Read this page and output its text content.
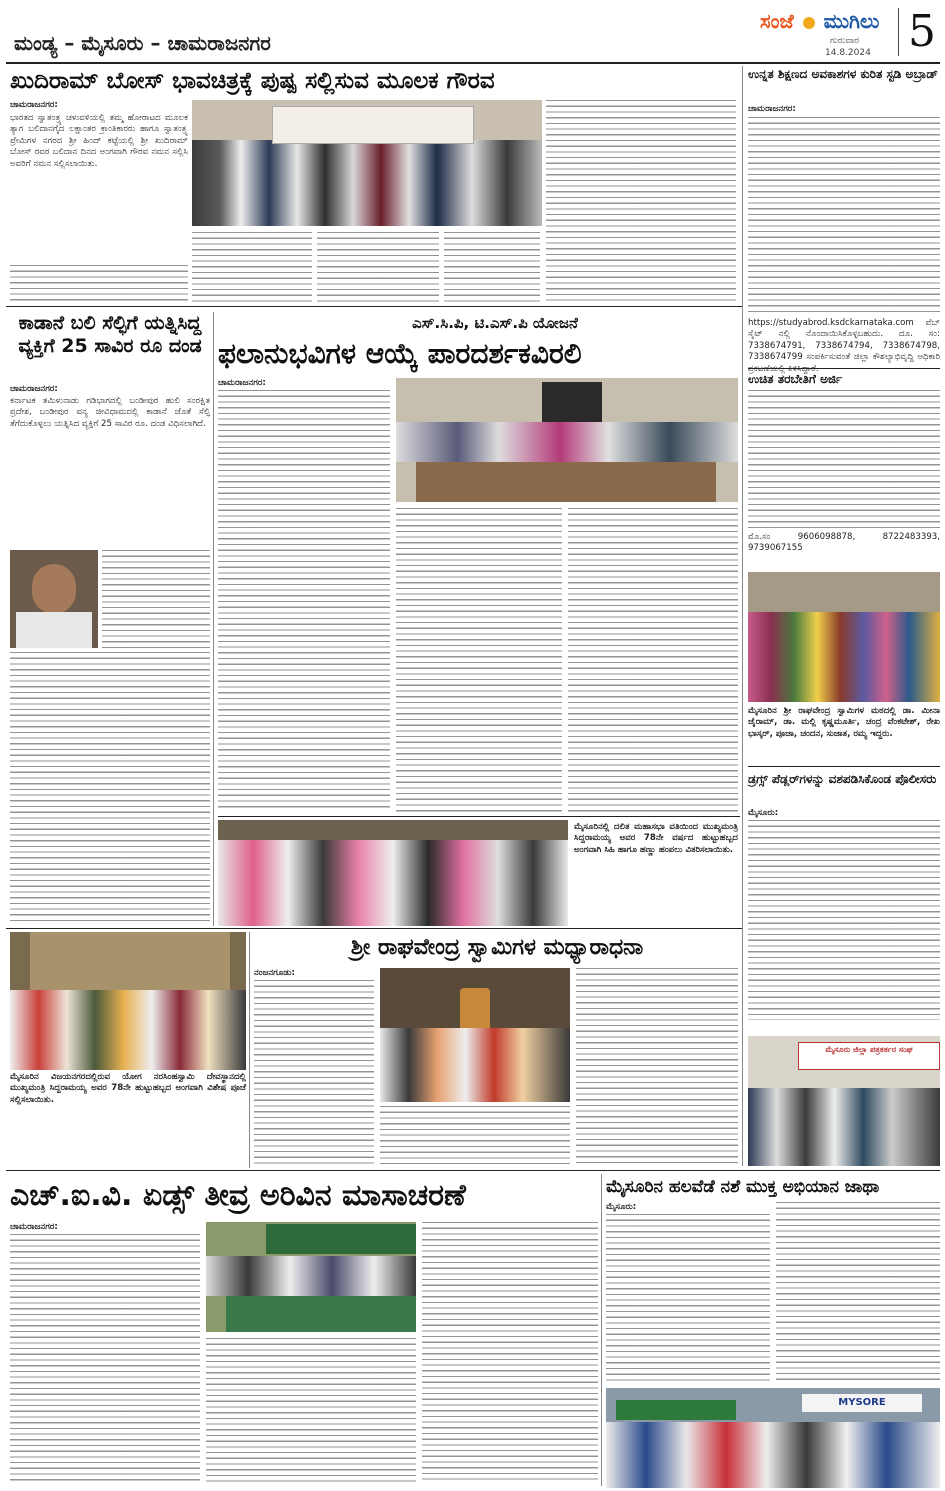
ಮಂಡ್ಯ – ಮೈಸೂರು – ಚಾಮರಾಜನಗರ
ಸಂಜೆ ಮುಗಿಲು
ಗುರುವಾರ
14.8.2024 5
ಖುದಿರಾಮ್ ಬೋಸ್ ಭಾವಚಿತ್ರಕ್ಕೆ ಪುಷ್ಪ ಸಲ್ಲಿಸುವ ಮೂಲಕ ಗೌರವ
ಚಾಮರಾಜನಗರ:
ಭಾರತದ ಸ್ವಾತಂತ್ರ್ಯ ಚಳುವಳಿಯಲ್ಲಿ ತಮ್ಮ ಹೋರಾಟದ ಮೂಲಕ ತ್ಯಾಗ ಬಲಿದಾನಗೈದ ಲಕ್ಷಾಂತರ ಕ್ರಾಂತಿಕಾರರು ಹಾಗೂ ಸ್ವಾತಂತ್ರ್ಯ ಪ್ರೇಮಿಗಳ ನಗರದ ಶ್ರೀ ಹಿಂದ್ ಕಟ್ಟೆಯಲ್ಲಿ ಶ್ರೀ ಖುದಿರಾಮ್ ಬೋಸ್ ರವರ ಬಲಿದಾನ ದಿನದ ಅಂಗವಾಗಿ ಗೌರವ ನಮನ ಸಲ್ಲಿಸಿ ಅವರಿಗೆ ನಮನ ಸಲ್ಲಿಸಲಾಯಿತು.
ಉನ್ನತ ಶಿಕ್ಷಣದ ಅವಕಾಶಗಳ ಕುರಿತ ಸ್ಟಡಿ ಅಬ್ರಾಡ್
ಚಾಮರಾಜನಗರ:
https://studyabrod.ksdckarnataka.com ವೆಬ್ ಸೈಟ್ ನಲ್ಲಿ ನೊಂದಾಯಿಸಿಕೊಳ್ಳಬಹುದು. ದೂ. ಸಂ: 7338674791, 7338674794, 7338674798, 7338674799 ಸಂಪರ್ಕಿಸುವಂತೆ ಜಿಲ್ಲಾ ಕೌಶಲ್ಯಾಭಿವೃದ್ದಿ ಅಧಿಕಾರಿ
ಉಚಿತ ತರಬೇತಿಗೆ ಅರ್ಜಿ
ಮೊ.ಸಂ 9606098878, 8722483393, 9739067155
ಮೈಸೂರಿನ ಶ್ರೀ ರಾಘವೇಂದ್ರ ಸ್ವಾಮಿಗಳ ಮಠದಲ್ಲಿ ಡಾ. ಮೀನಾ ಜೈರಾಮ್, ಡಾ. ಮಲ್ಲಿ ಕೃಷ್ಣಮೂರ್ತಿ, ಚಂದ್ರ ವೆಂಕಟೇಶ್, ರೇಖ ಭಾಸ್ಕರ್, ಪೂಜಾ, ಚಂದನ, ಸುಜಾತ, ರಮ್ಯ ಇದ್ದರು.
ಡ್ರಗ್ಸ್ ಪೆಡ್ಲರ್‌ಗಳನ್ನು ವಶಪಡಿಸಿಕೊಂಡ ಪೊಲೀಸರು
ಮೈಸೂರು:
ಮೈಸೂರು ಜಿಲ್ಲಾ ಪತ್ರಕರ್ತರ ಸಂಘ
ಕಾಡಾನೆ ಬಲಿ ಸೆಲ್ಫಿಗೆ ಯತ್ನಿಸಿದ್ದ ವ್ಯಕ್ತಿಗೆ 25 ಸಾವಿರ ರೂ ದಂಡ
ಚಾಮರಾಜನಗರ:
ಕರ್ನಾಟಕ ತಮಿಳುನಾಡು ಗಡಿಭಾಗದಲ್ಲಿ ಬಂಡೀಪುರ ಹುಲಿ ಸಂರಕ್ಷಿತ ಪ್ರದೇಶ, ಬಂಡೀಪುರ ವನ್ಯ ಜೀವಿಧಾಮದಲ್ಲಿ ಕಾಡಾನೆ ಜೊತೆ ಸೆಲ್ಫಿ ತೆಗೆದುಕೊಳ್ಳಲು ಯತ್ನಿಸಿದ ವ್ಯಕ್ತಿಗೆ 25 ಸಾವಿರ ರೂ. ದಂಡ ವಿಧಿಸಲಾಗಿದೆ.
ಎಸ್.ಸಿ.ಪಿ, ಟಿ.ಎಸ್.ಪಿ ಯೋಜನೆ
ಫಲಾನುಭವಿಗಳ ಆಯ್ಕೆ ಪಾರದರ್ಶಕವಿರಲಿ
ಚಾಮರಾಜನಗರ:
ಮೈಸೂರಿನಲ್ಲಿ ದಲಿತ ಮಹಾಸಭಾ ವತಿಯಿಂದ ಮುಖ್ಯಮಂತ್ರಿ ಸಿದ್ದರಾಮಯ್ಯ ಅವರ 78ನೇ ವರ್ಷದ ಹುಟ್ಟುಹಬ್ಬದ ಅಂಗವಾಗಿ ಸಿಹಿ ಹಾಗೂ ಹಣ್ಣು ಹಂಪಲು ವಿತರಿಸಲಾಯಿತು.
ಮೈಸೂರಿನ ವಿಜಯನಗರದಲ್ಲಿರುವ ಯೋಗ ನರಸಿಂಹಸ್ವಾಮಿ ದೇವಸ್ಥಾನದಲ್ಲಿ ಮುಖ್ಯಮಂತ್ರಿ ಸಿದ್ದರಾಮಯ್ಯ ಅವರ 78ನೇ ಹುಟ್ಟುಹಬ್ಬದ ಅಂಗವಾಗಿ ವಿಶೇಷ ಪೂಜೆ ಸಲ್ಲಿಸಲಾಯಿತು.
ಶ್ರೀ ರಾಘವೇಂದ್ರ ಸ್ವಾಮಿಗಳ ಮಧ್ಯಾರಾಧನಾ
ನಂಜನಗೂಡು:
ಎಚ್.ಐ.ವಿ. ಏಡ್ಸ್ ತೀವ್ರ ಅರಿವಿನ ಮಾಸಾಚರಣೆ
ಚಾಮರಾಜನಗರ:
ಮೈಸೂರಿನ ಹಲವೆಡೆ ನಶೆ ಮುಕ್ತ ಅಭಿಯಾನ ಜಾಥಾ
ಮೈಸೂರು:
MYSORE
